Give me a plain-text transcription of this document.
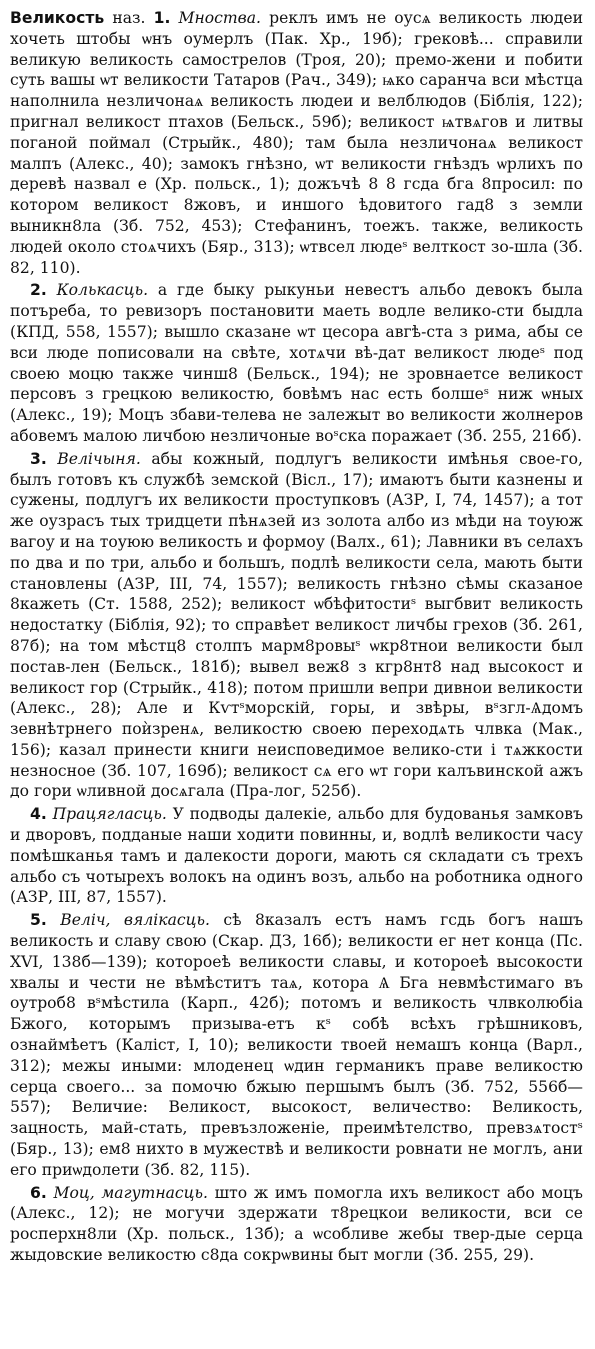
Великость наз. 1. Мноства. реклъ имъ не оусѧ великость людеи хочеть штобы ѡнъ оумерлъ (Пак. Хр., 19б); грековѣ... справили великую великость самострелов (Троя, 20); премо-жени и побити суть вашы ѡт великости Татаров (Рач., 349); ѩко саранча вси мѣстца наполнила незличонаѧ великость людеи и велблюдов (Біблія, 122); пригнал великост птахов (Бельск., 59б); великост ѩтвѧгов и литвы поганой поймал (Стрыйк., 480); там была незличонаѧ великост малпъ (Алекс., 40); замокъ гнѣзно, ѡт великости гнѣздъ ѡрлихъ по деревѣ назвал е (Хр. польск., 1); дожъчѣ 8 8 гсда бга 8просил: по котором великост 8жовъ, и иншого ѣдовитого гад8 з земли выникн8ла (Зб. 752, 453); Стефанинъ, тоежъ. также, великость людей около стоѧчихъ (Бяр., 313); ѡтвсел людеˢ велткост зо-шла (Зб. 82, 110).

2. Колькасць. а где быку рыкуньи невестъ альбо девокъ была потърeба, то ревизоръ постановити маеть водле велико-сти быдла (КПД, 558, 1557); вышло сказане ѡт цесора авгѣ-ста з рима, абы се вси люде пописовали на свѣте, хотѧчи вѣ-дат великост людеˢ под своею моцю также чинш8 (Бельск., 194); не зровнаетсе великост персовъ з грецкою великостю, бовѣмъ нас есть болшеˢ ниж ѡных (Алекс., 19); Моцъ збави-телева не залежыт во великости жолнеров абовемъ малою личбою незличоные воˢска поражает (Зб. 255, 216б).

3. Велічыня. абы кожный, подлугъ великости имѣнья свое-го, былъ готовъ къ службѣ земской (Віcл., 17); имаютъ быти казнены и сужены, подлугъ их великости проступковъ (АЗР, І, 74, 1457); а тот же оузрасъ тых тридцети пѣнѧзей из золота албо из мѣди на тоуюж вагоу и на тоуюю великость и формоу (Валх., 61); Лавники въ селахъ по два и по три, альбо и большъ, подлѣ великости села, мають быти становлены (АЗР, ІІІ, 74, 1557); великость гнѣзно сѣмы сказаное 8кажеть (Ст. 1588, 252); великост ѡбѣфитостиˢ выгбвит великость недостатку (Біблія, 92); то справѣет великост личбы грехов (Зб. 261, 87б); на том мѣстц8 столпъ марм8ровыˢ ѡкр8тнои великости был постав-лен (Бельск., 181б); вывел веж8 з кгр8нт8 над высокост и великост гор (Стрыйк., 418); потом пришли вепри дивнои великости (Алекс., 28); Але и Кѵтˢморскій, горы, и звѣры, вˢзгл-Ѧдомъ зевнѣтрнего поѝзренѧ, великостю своею переходѧть члвка (Мак., 156); казал принести книги неисповедимое велико-сти і тѧжкости незносное (Зб. 107, 169б); великост сѧ его ѡт гори калъвинской ажъ до гори ѡливной досѧгала (Пра-лог, 525б).

4. Працягласць. У подводы далекіе, альбо для будованья замковъ и дворовъ, подданые наши ходити повинны, и, водлѣ великости часу помѣшканья тамъ и далекости дороги, мають ся складати съ трехъ альбо съ чотырехъ волокъ на одинъ возъ, альбо на роботника одного (АЗР, ІІІ, 87, 1557).

5. Веліч, вялікасць. сѣ 8казалъ естъ намъ гсдь богъ нашъ великость и славу свою (Скар. ДЗ, 16б); великости ег нет конца (Пс. XVI, 138б—139); которoеѣ великости славы, и которoеѣ высокости хвалы и чести не вѣмѣститъ таѧ, котора Ѧ Бга невмѣстимаго въ оутроб8 вˢмѣстила (Карп., 42б); потомъ и великость члвколюбіа Бжого, которымъ призыва-етъ кˢ собѣ всѣхъ грѣшниковъ, ознаймѣетъ (Каліст, І, 10); великости твоей немашъ конца (Варл., 312); межы иными: млоденец ѡдин германикъ праве великостю серца своего... за помочю бжыю першымъ былъ (Зб. 752, 556б—557); Величие: Великост, высокост, величество: Великость, зацность, май-стать, превъзложеніе, преимѣтелство, превзѧтостˢ (Бяр., 13); ем8 нихто в мужествѣ и великости ровнати не моглъ, ани его приѡдолети (Зб. 82, 115).

6. Моц, магутнасць. што ж имъ помогла ихъ великост або моцъ (Алекс., 12); не могучи здержати т8рецкои великости, вси се росперхн8ли (Хр. польск., 13б); а ѡсобливе жебы твер-дые серца жыдовские великостю с8да сокрѡвины быт могли (Зб. 255, 29).
